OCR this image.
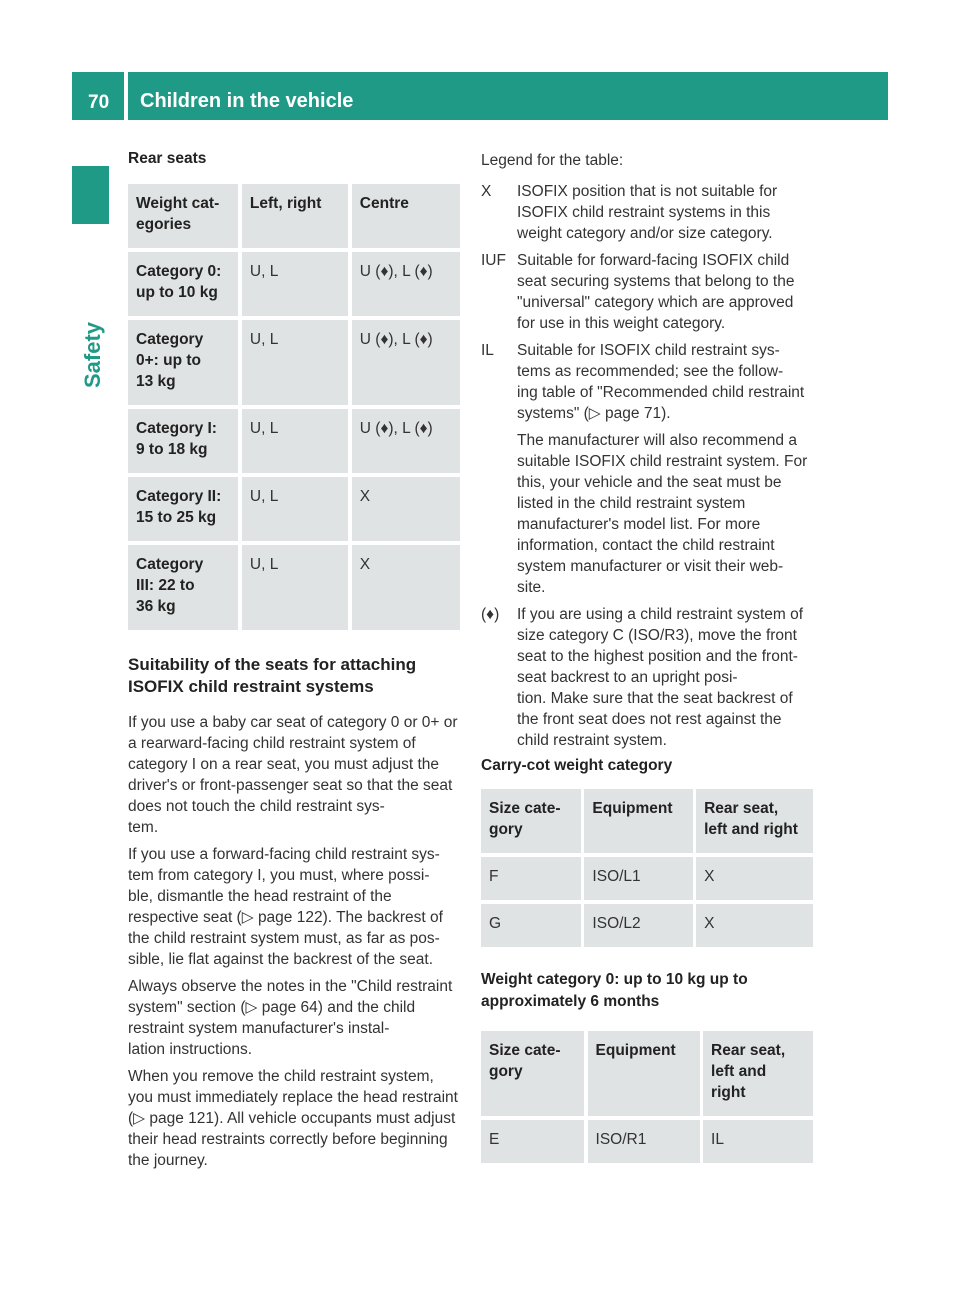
70 Children in the vehicle
Safety

Rear seats

Weight cat-
egories		Left, right		Centre
Category 0:
up to 10 kg		U, L		U (♦), L (♦)
Category
0+: up to
13 kg		U, L		U (♦), L (♦)
Category I:
9 to 18 kg		U, L		U (♦), L (♦)
Category II:
15 to 25 kg		U, L		X
Category
III: 22 to
36 kg		U, L		X

Suitability of the seats for attaching
ISOFIX child restraint systems

If you use a baby car seat of category 0 or 0+ or a rearward-facing child restraint system of category I on a rear seat, you must adjust the driver's or front-passenger seat so that the seat does not touch the child restraint sys-
tem.

If you use a forward-facing child restraint sys-
tem from category I, you must, where possi-
ble, dismantle the head restraint of the respective seat (▷ page 122). The backrest of the child restraint system must, as far as pos-
sible, lie flat against the backrest of the seat.

Always observe the notes in the "Child restraint system" section (▷ page 64) and the child restraint system manufacturer's instal-
lation instructions.

When you remove the child restraint system, you must immediately replace the head restraint (▷ page 121). All vehicle occupants must adjust their head restraints correctly before beginning the journey.

Legend for the table:

X ISOFIX position that is not suitable for ISOFIX child restraint systems in this weight category and/or size category.

IUF Suitable for forward-facing ISOFIX child seat securing systems that belong to the "universal" category which are approved for use in this weight category.

IL Suitable for ISOFIX child restraint sys-
tems as recommended; see the follow-
ing table of "Recommended child restraint systems" (▷ page 71).

The manufacturer will also recommend a suitable ISOFIX child restraint system. For this, your vehicle and the seat must be listed in the child restraint system manufacturer's model list. For more information, contact the child restraint system manufacturer or visit their web-
site.

(♦) If you are using a child restraint system of size category C (ISO/R3), move the front seat to the highest position and the front-seat backrest to an upright posi-
tion. Make sure that the seat backrest of the front seat does not rest against the child restraint system.

Carry-cot weight category

Size cate-
gory		Equipment		Rear seat,
left and right
F		ISO/L1		X
G		ISO/L2		X

Weight category 0: up to 10 kg up to
approximately 6 months

Size cate-
gory		Equipment		Rear seat,
left and
right
E		ISO/R1		IL
